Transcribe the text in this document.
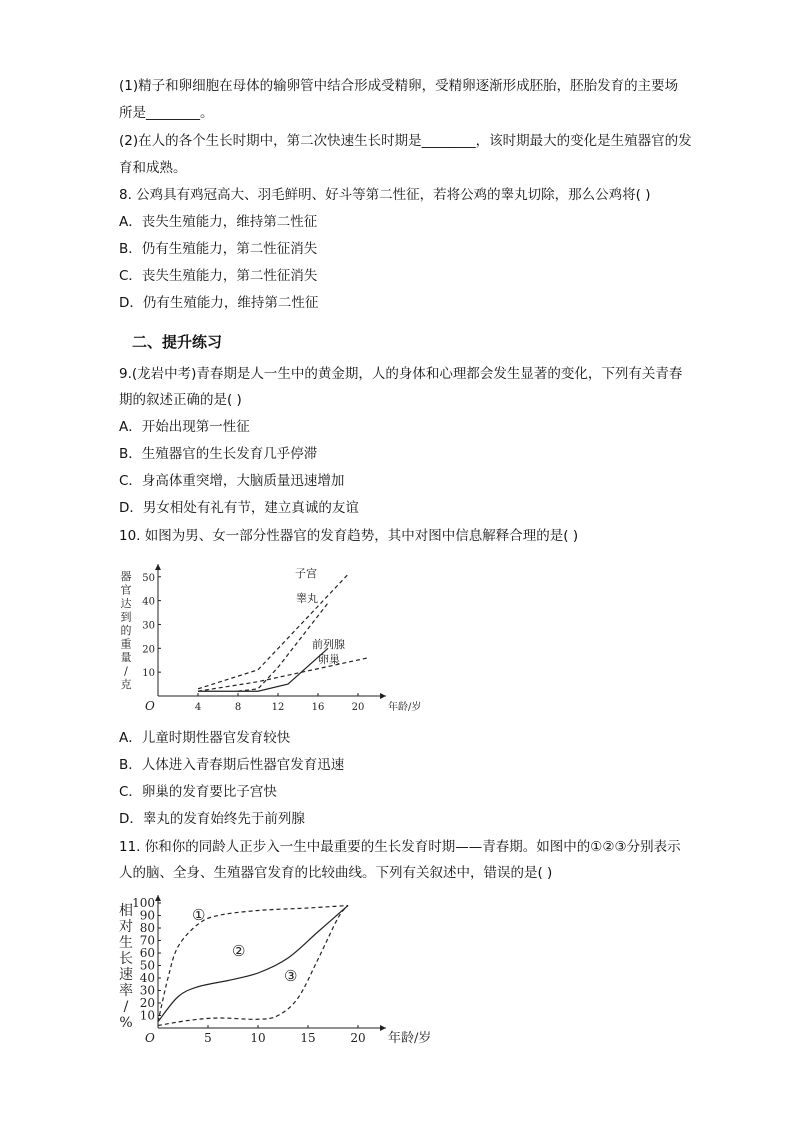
(1)精子和卵细胞在母体的输卵管中结合形成受精卵，受精卵逐渐形成胚胎，胚胎发育的主要场
所是________。
(2)在人的各个生长时期中，第二次快速生长时期是________，该时期最大的变化是生殖器官的发
育和成熟。
8. 公鸡具有鸡冠高大、羽毛鲜明、好斗等第二性征，若将公鸡的睾丸切除，那么公鸡将( )
A．丧失生殖能力，维持第二性征
B．仍有生殖能力，第二性征消失
C．丧失生殖能力，第二性征消失
D．仍有生殖能力，维持第二性征
二、提升练习
9.(龙岩中考)青春期是人一生中的黄金期，人的身体和心理都会发生显著的变化，下列有关青春
期的叙述正确的是( )
A．开始出现第一性征
B．生殖器官的生长发育几乎停滞
C．身高体重突增，大脑质量迅速增加
D．男女相处有礼有节，建立真诚的友谊
10. 如图为男、女一部分性器官的发育趋势，其中对图中信息解释合理的是( )
O	4	8	12	16	20
10
20
30
40
50
年龄/岁
器
官
达
到
的
重
量
/
克
子宫
睾丸
前列腺
卵巢
A．儿童时期性器官发育较快
B．人体进入青春期后性器官发育迅速
C．卵巢的发育要比子宫快
D．睾丸的发育始终先于前列腺
11. 你和你的同龄人正步入一生中最重要的生长发育时期——青春期。如图中的①②③分别表示
人的脑、全身、生殖器官发育的比较曲线。下列有关叙述中，错误的是( )
O	5	10	15	20
10
20
30
40
50
60
70
80
90
100
年龄/岁
相
对
生
长
速
率
/
%
①
②
③
